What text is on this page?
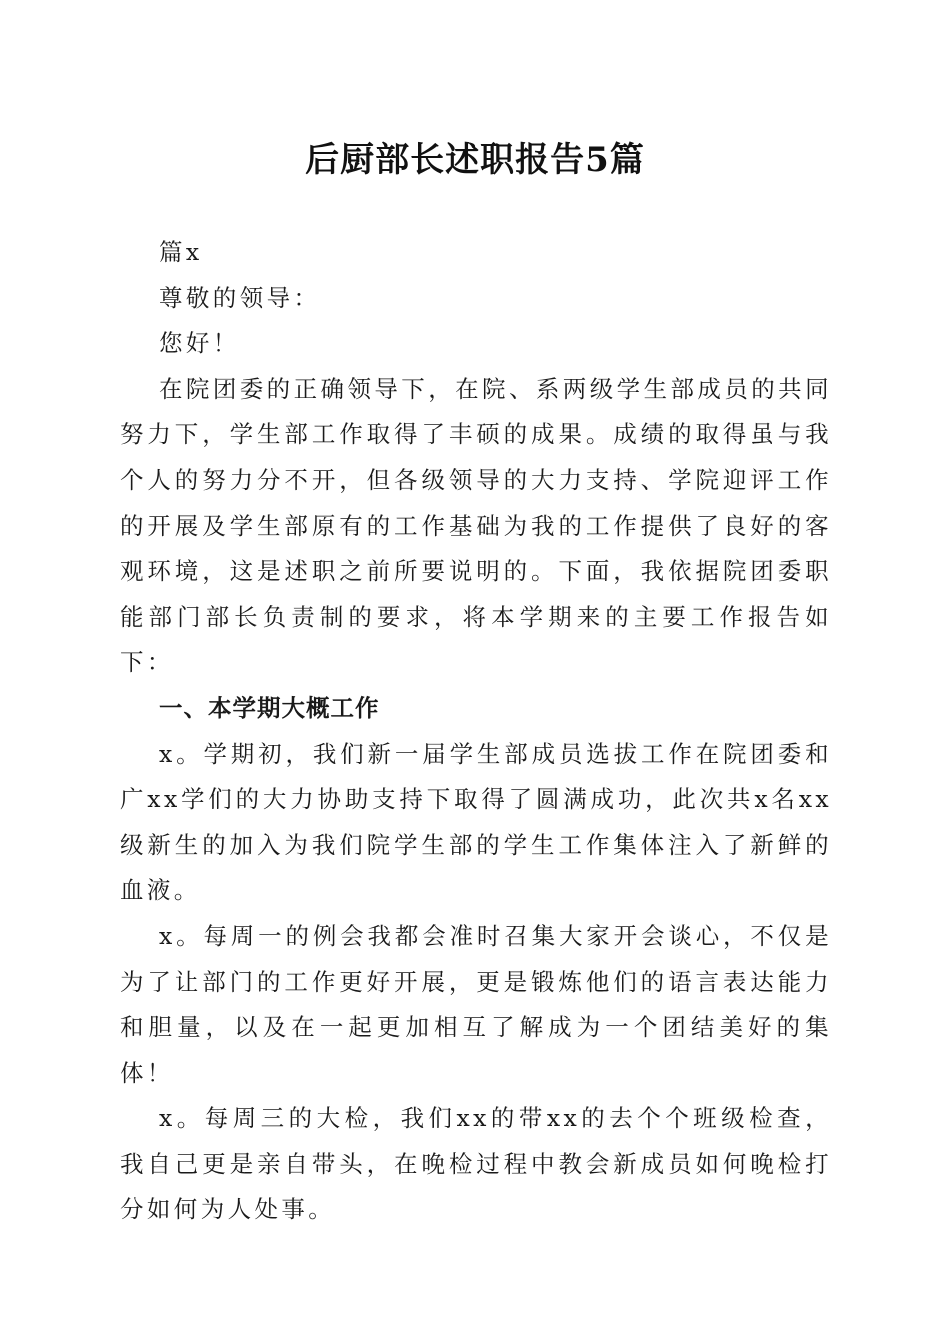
后厨部长述职报告5篇

篇x

尊敬的领导：

您好！

在院团委的正确领导下，在院、系两级学生部成员的共同努力下，学生部工作取得了丰硕的成果。成绩的取得虽与我个人的努力分不开，但各级领导的大力支持、学院迎评工作的开展及学生部原有的工作基础为我的工作提供了良好的客观环境，这是述职之前所要说明的。下面，我依据院团委职能部门部长负责制的要求，将本学期来的主要工作报告如下：

一、本学期大概工作

x。学期初，我们新一届学生部成员选拔工作在院团委和广xx学们的大力协助支持下取得了圆满成功，此次共x名xx级新生的加入为我们院学生部的学生工作集体注入了新鲜的血液。

x。每周一的例会我都会准时召集大家开会谈心，不仅是为了让部门的工作更好开展，更是锻炼他们的语言表达能力和胆量，以及在一起更加相互了解成为一个团结美好的集体！

x。每周三的大检，我们xx的带xx的去个个班级检查，我自己更是亲自带头，在晚检过程中教会新成员如何晚检打分如何为人处事。
